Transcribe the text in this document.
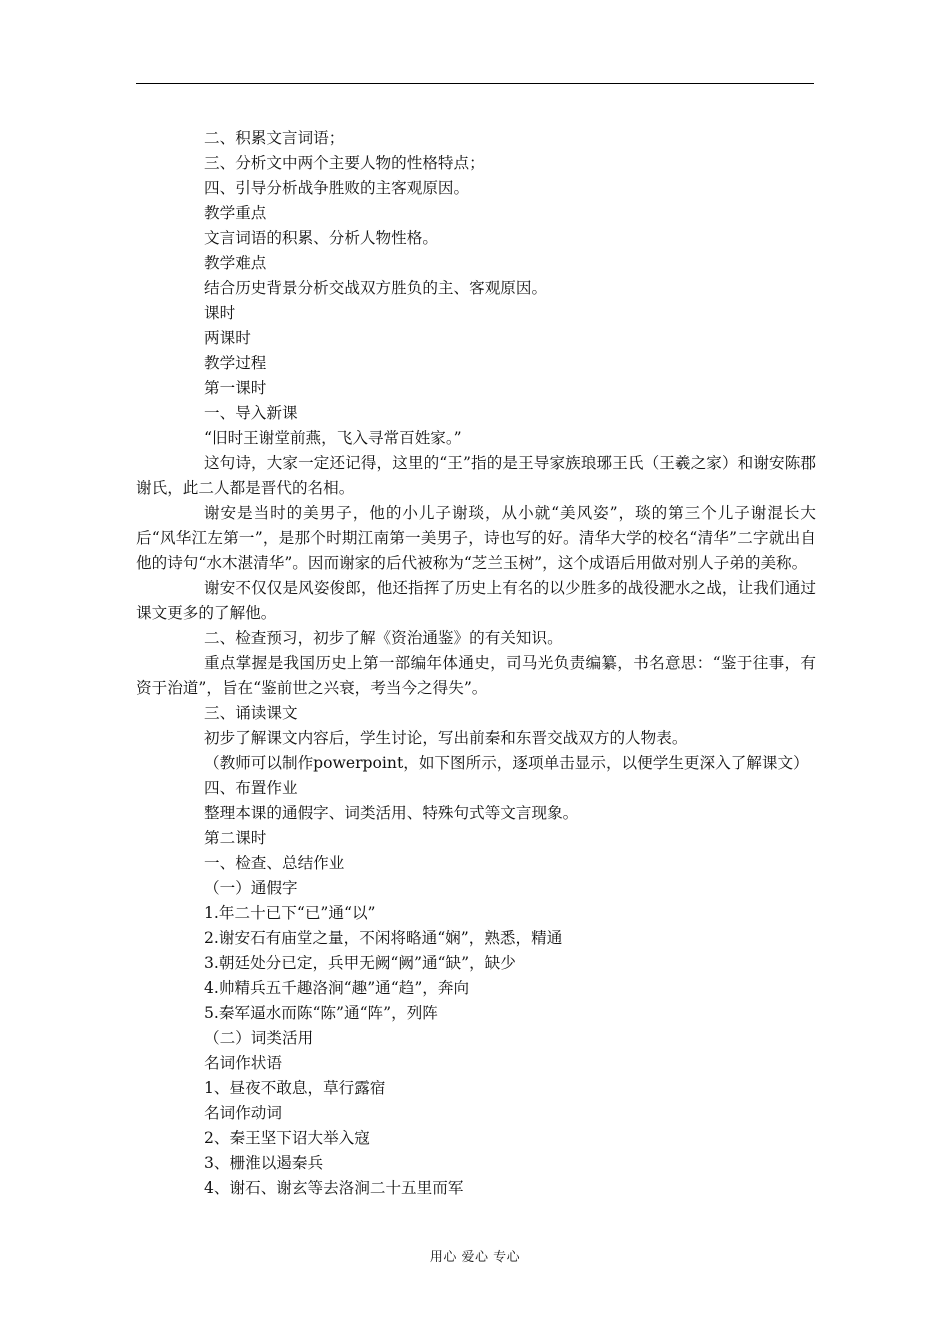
二、积累文言词语；

三、分析文中两个主要人物的性格特点；

四、引导分析战争胜败的主客观原因。

教学重点

文言词语的积累、分析人物性格。

教学难点

结合历史背景分析交战双方胜负的主、客观原因。

课时

两课时

教学过程

第一课时

一、导入新课

“旧时王谢堂前燕，飞入寻常百姓家。”

这句诗，大家一定还记得，这里的“王”指的是王导家族琅琊王氏（王羲之家）和谢安陈郡谢氏，此二人都是晋代的名相。

谢安是当时的美男子，他的小儿子谢琰，从小就“美风姿”，琰的第三个儿子谢混长大后“风华江左第一”，是那个时期江南第一美男子，诗也写的好。清华大学的校名“清华”二字就出自他的诗句“水木湛清华”。因而谢家的后代被称为“芝兰玉树”，这个成语后用做对别人子弟的美称。

谢安不仅仅是风姿俊郎，他还指挥了历史上有名的以少胜多的战役淝水之战，让我们通过课文更多的了解他。

二、检查预习，初步了解《资治通鉴》的有关知识。

重点掌握是我国历史上第一部编年体通史，司马光负责编纂，书名意思：“鉴于往事，有资于治道”，旨在“鉴前世之兴衰，考当今之得失”。

三、诵读课文

初步了解课文内容后，学生讨论，写出前秦和东晋交战双方的人物表。

（教师可以制作powerpoint，如下图所示，逐项单击显示，以便学生更深入了解课文）

四、布置作业

整理本课的通假字、词类活用、特殊句式等文言现象。

第二课时

一、检查、总结作业

（一）通假字

1.年二十已下“已”通“以”

2.谢安石有庙堂之量，不闲将略通“娴”，熟悉，精通

3.朝廷处分已定，兵甲无阙“阙”通“缺”，缺少

4.帅精兵五千趣洛涧“趣”通“趋”，奔向

5.秦军逼水而陈“陈”通“阵”，列阵

（二）词类活用

名词作状语

1、昼夜不敢息，草行露宿

名词作动词

2、秦王坚下诏大举入寇

3、栅淮以遏秦兵

4、谢石、谢玄等去洛涧二十五里而军

用心 爱心 专心
